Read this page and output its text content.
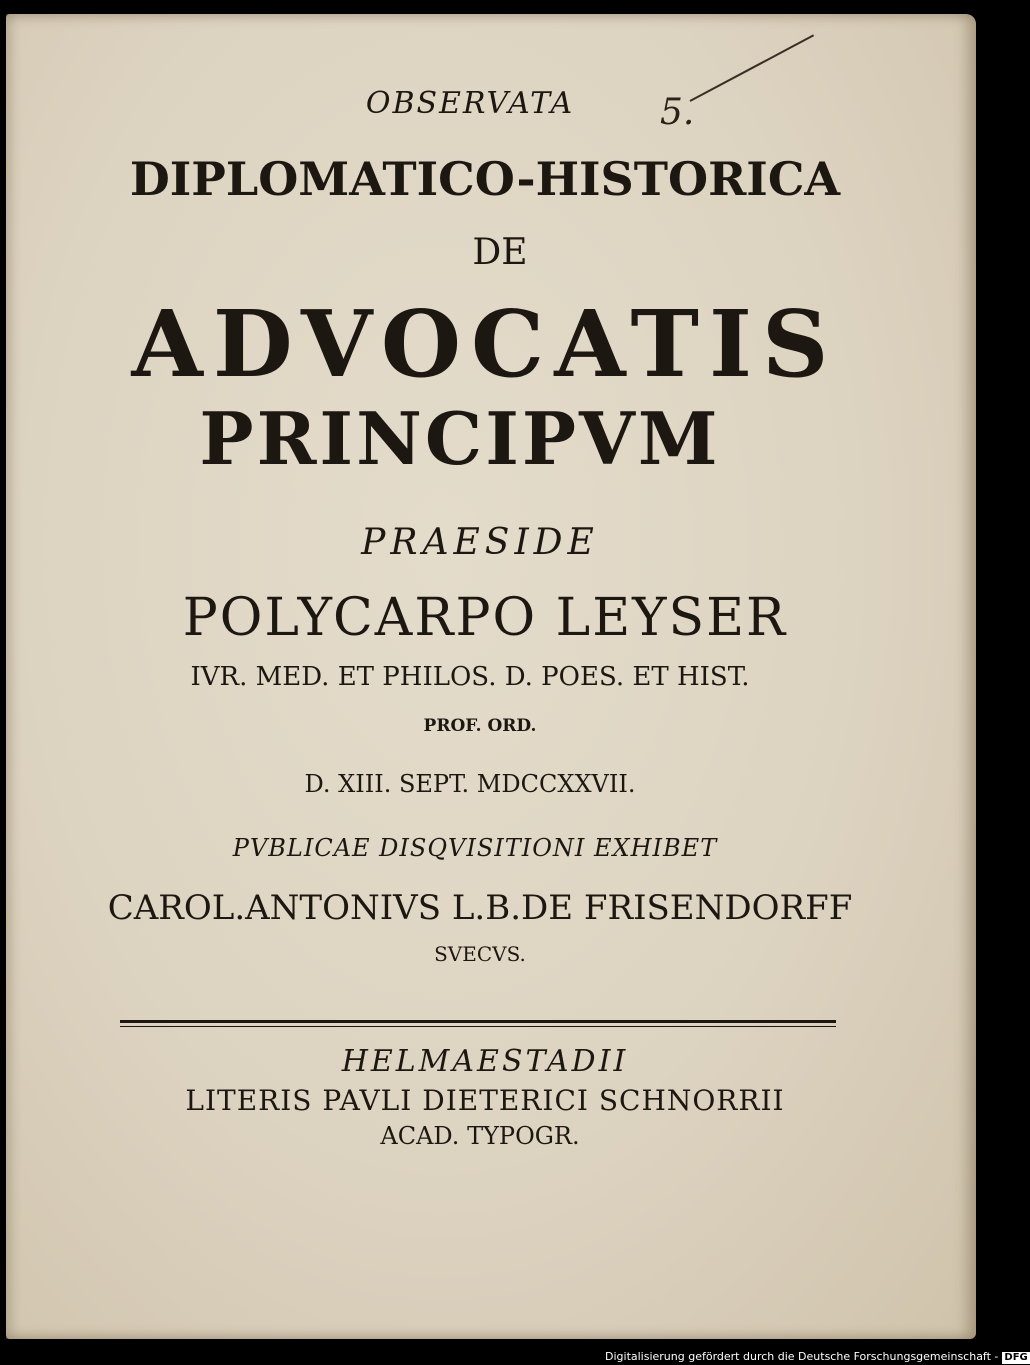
OBSERVATA	5.
DIPLOMATICO-HISTORICA
DE
ADVOCATIS
PRINCIPVM
PRAESIDE
POLYCARPO LEYSER
IVR. MED. ET PHILOS. D. POES. ET HIST.
PROF. ORD.
D. XIII. SEPT. MDCCXXVII.
PVBLICAE DISQVISITIONI EXHIBET
CAROL.ANTONIVS L.B.DE FRISENDORFF
SVECVS.
HELMAESTADII
LITERIS PAVLI DIETERICI SCHNORRII
ACAD. TYPOGR.
Digitalisierung gefördert durch die Deutsche Forschungsgemeinschaft - DFG
